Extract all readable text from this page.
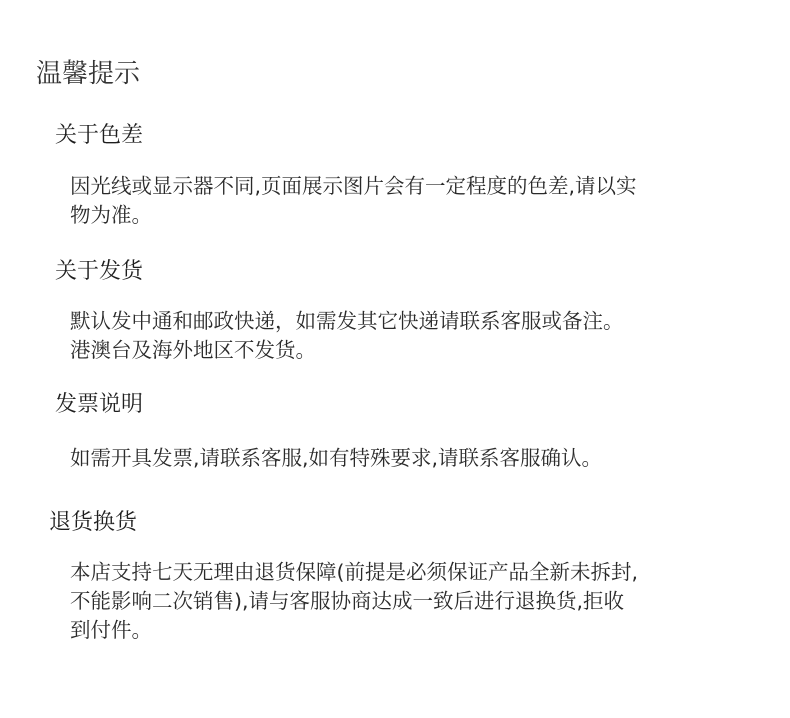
温馨提示
关于色差
因光线或显示器不同,页面展示图片会有一定程度的色差,请以实
物为准。
关于发货
默认发中通和邮政快递，如需发其它快递请联系客服或备注。
港澳台及海外地区不发货。
发票说明
如需开具发票,请联系客服,如有特殊要求,请联系客服确认。
退货换货
本店支持七天无理由退货保障(前提是必须保证产品全新未拆封,
不能影响二次销售),请与客服协商达成一致后进行退换货,拒收
到付件。
